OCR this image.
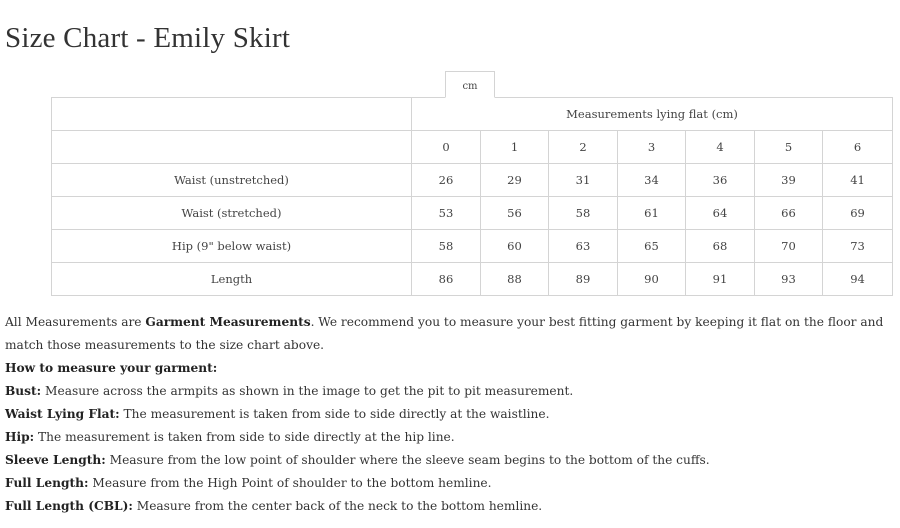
Size Chart - Emily Skirt
cm
	Measurements lying flat (cm)						
	0	1	2	3	4	5	6
Waist (unstretched)	26	29	31	34	36	39	41
Waist (stretched)	53	56	58	61	64	66	69
Hip (9" below waist)	58	60	63	65	68	70	73
Length	86	88	89	90	91	93	94

All Measurements are Garment Measurements. We recommend you to measure your best fitting garment by keeping it flat on the floor and match those measurements to the size chart above.

How to measure your garment:

Bust: Measure across the armpits as shown in the image to get the pit to pit measurement.

Waist Lying Flat: The measurement is taken from side to side directly at the waistline.

Hip: The measurement is taken from side to side directly at the hip line.

Sleeve Length: Measure from the low point of shoulder where the sleeve seam begins to the bottom of the cuffs.

Full Length: Measure from the High Point of shoulder to the bottom hemline.

Full Length (CBL): Measure from the center back of the neck to the bottom hemline.
